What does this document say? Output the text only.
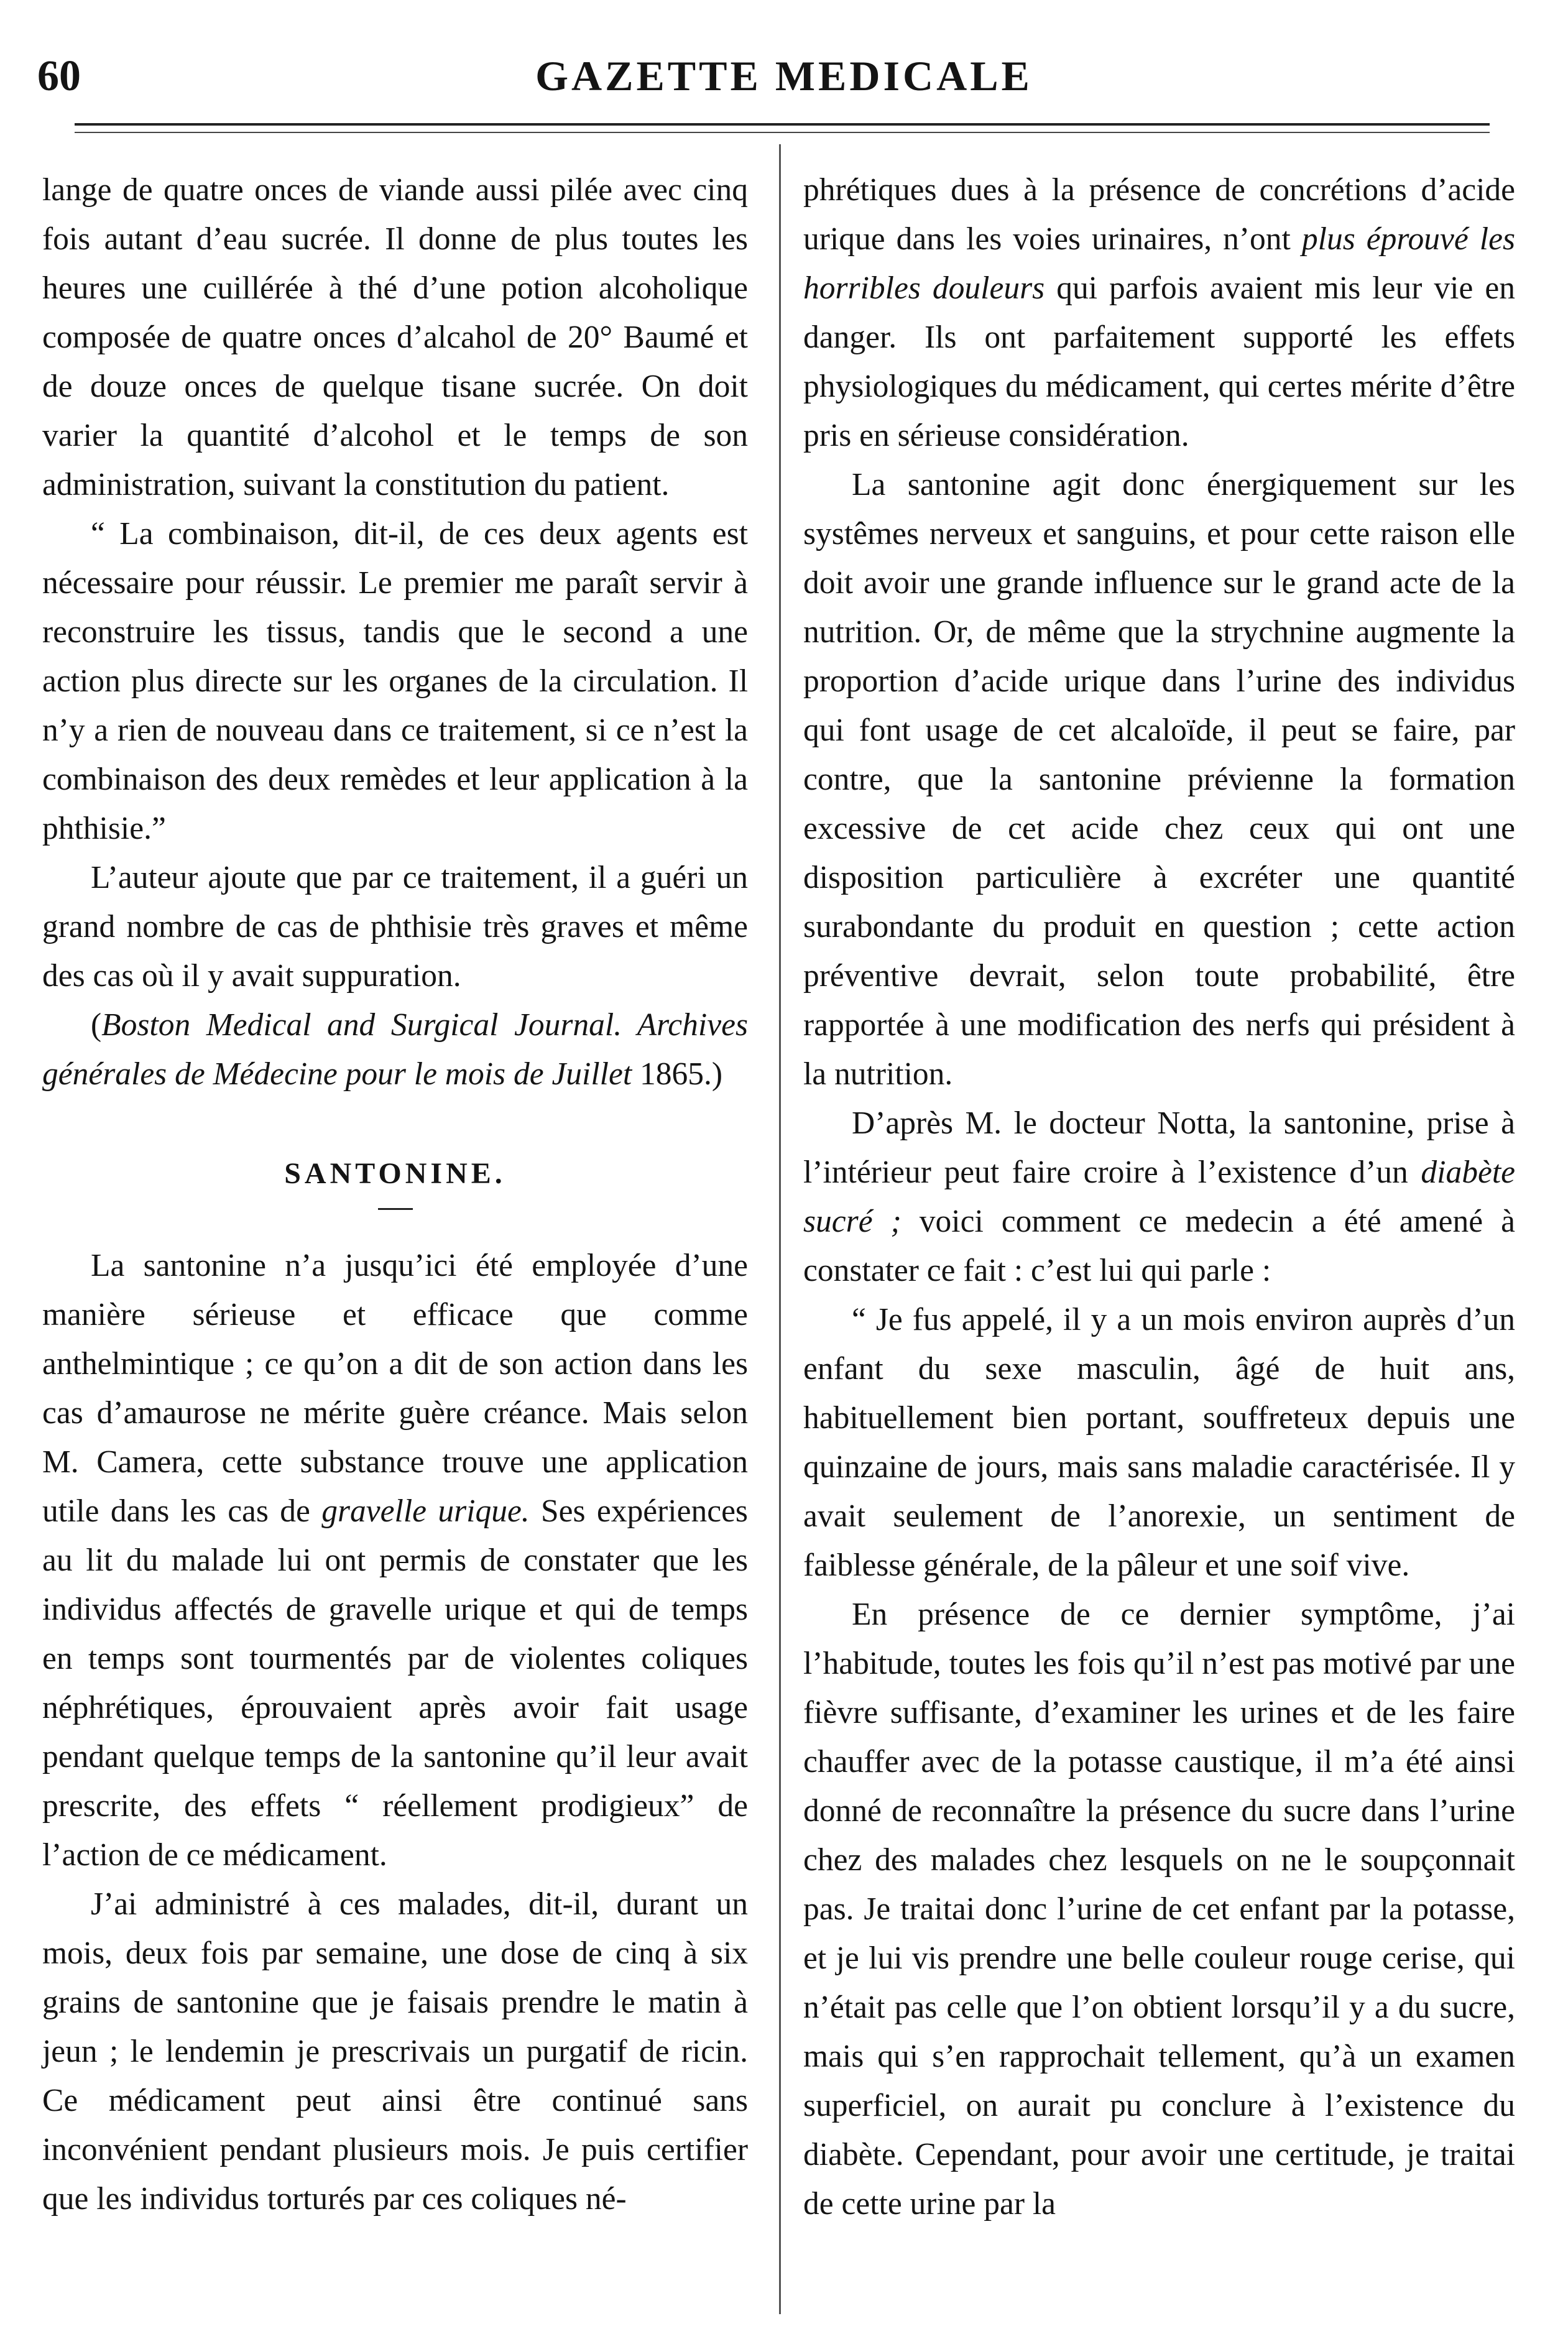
60	GAZETTE MEDICALE

lange de quatre onces de viande aussi pilée avec cinq fois autant d’eau sucrée. Il donne de plus toutes les heures une cuillérée à thé d’une potion alcoholique composée de quatre onces d’alcahol de 20° Baumé et de douze onces de quelque tisane sucrée. On doit varier la quantité d’alcohol et le temps de son administration, suivant la constitution du patient.

“ La combinaison, dit-il, de ces deux agents est nécessaire pour réussir. Le premier me paraît servir à reconstruire les tissus, tandis que le second a une action plus directe sur les organes de la circulation. Il n’y a rien de nouveau dans ce traitement, si ce n’est la combinaison des deux remèdes et leur application à la phthisie.”

L’auteur ajoute que par ce traitement, il a guéri un grand nombre de cas de phthisie très graves et même des cas où il y avait suppuration.

(Boston Medical and Surgical Journal. Archives générales de Médecine pour le mois de Juillet 1865.)

SANTONINE.

La santonine n’a jusqu’ici été employée d’une manière sérieuse et efficace que comme anthelmintique ; ce qu’on a dit de son action dans les cas d’amaurose ne mérite guère créance. Mais selon M. Camera, cette substance trouve une application utile dans les cas de gravelle urique. Ses expériences au lit du malade lui ont permis de constater que les individus affectés de gravelle urique et qui de temps en temps sont tourmentés par de violentes coliques néphrétiques, éprouvaient après avoir fait usage pendant quelque temps de la santonine qu’il leur avait prescrite, des effets “ réellement prodigieux” de l’action de ce médicament.

J’ai administré à ces malades, dit-il, durant un mois, deux fois par semaine, une dose de cinq à six grains de santonine que je faisais prendre le matin à jeun ; le lendemin je prescrivais un purgatif de ricin. Ce médicament peut ainsi être continué sans inconvénient pendant plusieurs mois. Je puis certifier que les individus torturés par ces coliques né-

phrétiques dues à la présence de concrétions d’acide urique dans les voies urinaires, n’ont plus éprouvé les horribles douleurs qui parfois avaient mis leur vie en danger. Ils ont parfaitement supporté les effets physiologiques du médicament, qui certes mérite d’être pris en sérieuse considération.

La santonine agit donc énergiquement sur les systêmes nerveux et sanguins, et pour cette raison elle doit avoir une grande influence sur le grand acte de la nutrition. Or, de même que la strychnine augmente la proportion d’acide urique dans l’urine des individus qui font usage de cet alcaloïde, il peut se faire, par contre, que la santonine prévienne la formation excessive de cet acide chez ceux qui ont une disposition particulière à excréter une quantité surabondante du produit en question ; cette action préventive devrait, selon toute probabilité, être rapportée à une modification des nerfs qui président à la nutrition.

D’après M. le docteur Notta, la santonine, prise à l’intérieur peut faire croire à l’existence d’un diabète sucré ; voici comment ce medecin a été amené à constater ce fait : c’est lui qui parle :

“ Je fus appelé, il y a un mois environ auprès d’un enfant du sexe masculin, âgé de huit ans, habituellement bien portant, souffreteux depuis une quinzaine de jours, mais sans maladie caractérisée. Il y avait seulement de l’anorexie, un sentiment de faiblesse générale, de la pâleur et une soif vive.

En présence de ce dernier symptôme, j’ai l’habitude, toutes les fois qu’il n’est pas motivé par une fièvre suffisante, d’examiner les urines et de les faire chauffer avec de la potasse caustique, il m’a été ainsi donné de reconnaître la présence du sucre dans l’urine chez des malades chez lesquels on ne le soupçonnait pas. Je traitai donc l’urine de cet enfant par la potasse, et je lui vis prendre une belle couleur rouge cerise, qui n’était pas celle que l’on obtient lorsqu’il y a du sucre, mais qui s’en rapprochait tellement, qu’à un examen superficiel, on aurait pu conclure à l’existence du diabète. Cependant, pour avoir une certitude, je traitai de cette urine par la
